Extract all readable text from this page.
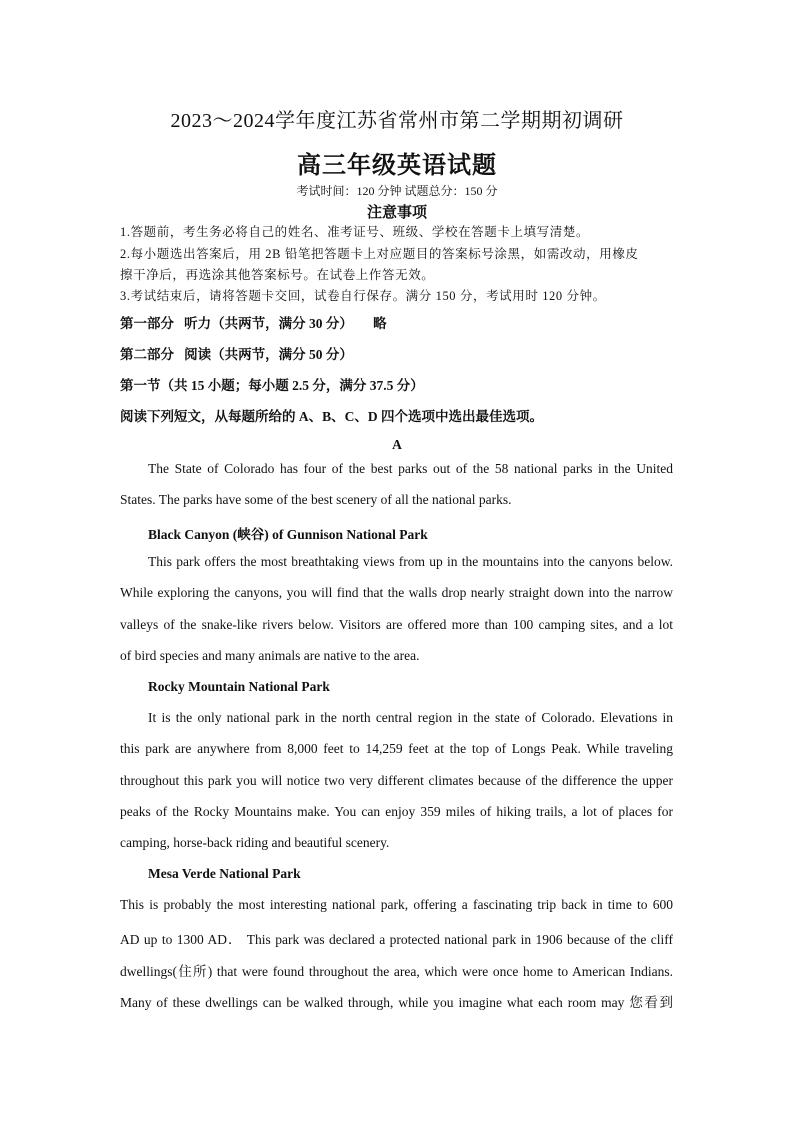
2023～2024学年度江苏省常州市第二学期期初调研
高三年级英语试题
考试时间：120 分钟 试题总分：150 分
注意事项
1.答题前，考生务必将自己的姓名、准考证号、班级、学校在答题卡上填写清楚。
2.每小题选出答案后，用 2B 铅笔把答题卡上对应题目的答案标号涂黑，如需改动，用橡皮
擦干净后，再选涂其他答案标号。在试卷上作答无效。
3.考试结束后，请将答题卡交回，试卷自行保存。满分 150 分，考试用时 120 分钟。
第一部分   听力（共两节，满分 30 分）      略
第二部分   阅读（共两节，满分 50 分）
第一节（共 15 小题；每小题 2.5 分，满分 37.5 分）
阅读下列短文，从每题所给的 A、B、C、D 四个选项中选出最佳选项。
A
The State of Colorado has four of the best parks out of the 58 national parks in the United
States. The parks have some of the best scenery of all the national parks.
Black Canyon (峡谷) of Gunnison National Park
This park offers the most breathtaking views from up in the mountains into the canyons below.
While exploring the canyons, you will find that the walls drop nearly straight down into the narrow
valleys of the snake-like rivers below. Visitors are offered more than 100 camping sites, and a lot
of bird species and many animals are native to the area.
Rocky Mountain National Park
It is the only national park in the north central region in the state of Colorado. Elevations in
this park are anywhere from 8,000 feet to 14,259 feet at the top of Longs Peak. While traveling
throughout this park you will notice two very different climates because of the difference the upper
peaks of the Rocky Mountains make. You can enjoy 359 miles of hiking trails, a lot of places for
camping, horse-back riding and beautiful scenery.
Mesa Verde National Park
This is probably the most interesting national park, offering a fascinating trip back in time to 600
AD up to 1300 AD． This park was declared a protected national park in 1906 because of the cliff
dwellings(住所) that were found throughout the area, which were once home to American Indians.
Many of these dwellings can be walked through, while you imagine what each room may 您看到
